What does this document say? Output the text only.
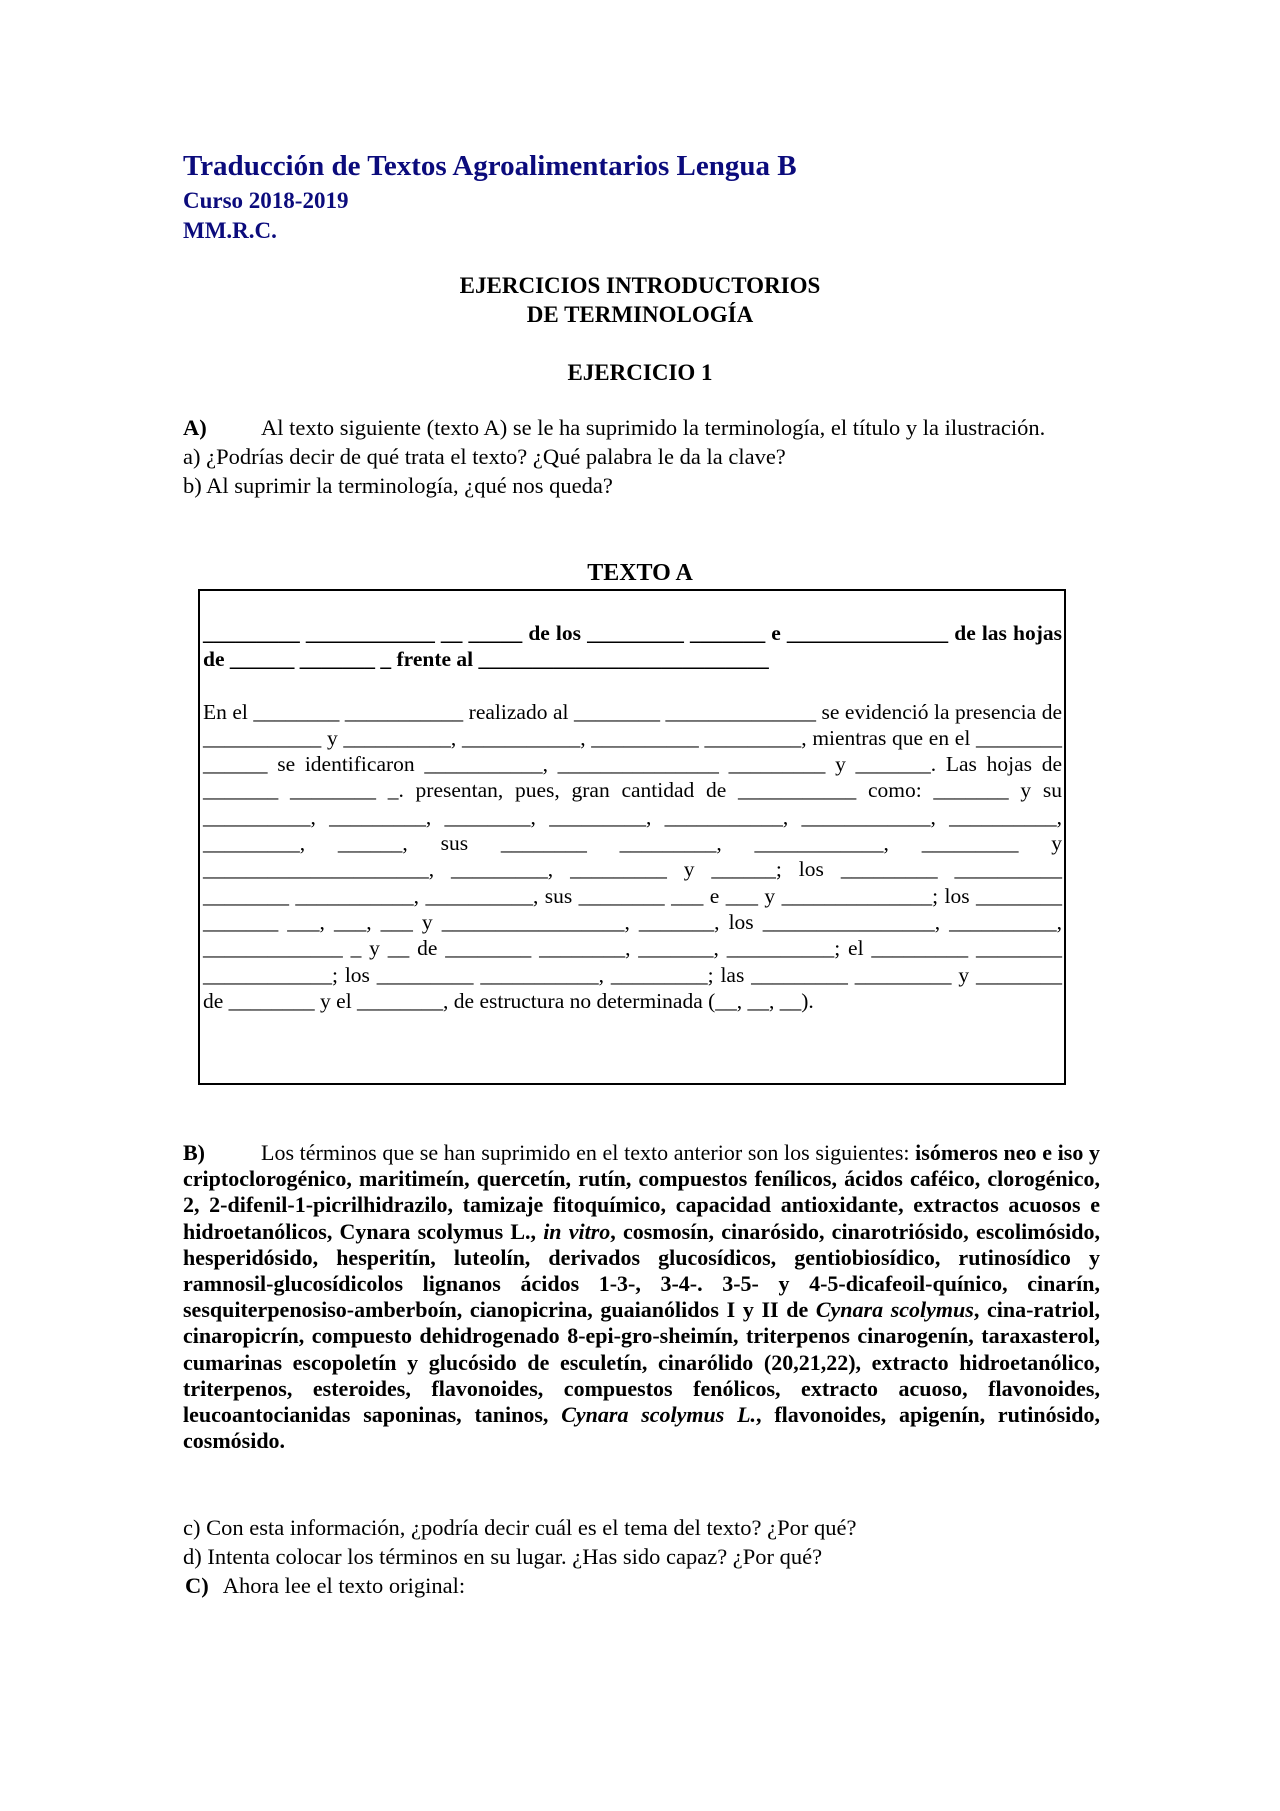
Traducción de Textos Agroalimentarios Lengua B
Curso 2018-2019
MM.R.C.
EJERCICIOS INTRODUCTORIOS
DE TERMINOLOGÍA
EJERCICIO 1
A) Al texto siguiente (texto A) se le ha suprimido la terminología, el título y la ilustración.
a) ¿Podrías decir de qué trata el texto? ¿Qué palabra le da la clave?
b) Al suprimir la terminología, ¿qué nos queda?
TEXTO A
_________ ____________ __ _____ de los _________ _______ e _______________ de las hojas de ______ _______ _ frente al ___________________________
En el ________ ___________ realizado al ________ ______________ se evidenció la presencia de ___________ y __________, ___________, __________ _________, mientras que en el ________ ______ se identificaron ___________, _______________ _________ y _______. Las hojas de _______ ________ _. presentan, pues, gran cantidad de ___________ como: _______ y su __________, _________, ________, _________, ___________, ____________, __________, _________, ______, sus ________ _________, ____________, _________ y _____________________, _________, _________ y ______; los _________ __________ ________ ___________, __________, sus ________ ___ e ___ y ______________; los ________ _______ ___, ___, ___ y _________________, _______, los ________________, __________, _____________ _ y __ de ________ ________, _______, __________; el _________ ________ ____________; los _________ ___________, _________; las _________ _________ y ________ de ________ y el ________, de estructura no determinada (__, __, __).
B)	Los términos que se han suprimido en el texto anterior son los siguientes: isómeros neo e iso y criptoclorogénico, maritimeín, quercetín, rutín, compuestos fenílicos, ácidos caféico, clorogénico, 2, 2-difenil-1-picrilhidrazilo, tamizaje fitoquímico, capacidad antioxidante, extractos acuosos e hidroetanólicos, Cynara scolymus L., in vitro, cosmosín, cinarósido, cinarotriósido, escolimósido, hesperidósido, hesperitín, luteolín, derivados glucosídicos, gentiobiosídico, rutinosídico y ramnosil-glucosídicolos lignanos ácidos 1-3-, 3-4-. 3-5- y 4-5-dicafeoil-quínico, cinarín, sesquiterpenosiso-amberboín, cianopicrina, guaianólidos I y II de Cynara scolymus, cina-ratriol, cinaropicrín, compuesto dehidrogenado 8-epi-gro-sheimín, triterpenos cinarogenín, taraxasterol, cumarinas escopoletín y glucósido de esculetín, cinarólido (20,21,22), extracto hidroetanólico, triterpenos, esteroides, flavonoides, compuestos fenólicos, extracto acuoso, flavonoides, leucoantocianidas saponinas, taninos, Cynara scolymus L., flavonoides, apigenín, rutinósido, cosmósido.
c) Con esta información, ¿podría decir cuál es el tema del texto? ¿Por qué?
d) Intenta colocar los términos en su lugar. ¿Has sido capaz? ¿Por qué?
C) Ahora lee el texto original:
